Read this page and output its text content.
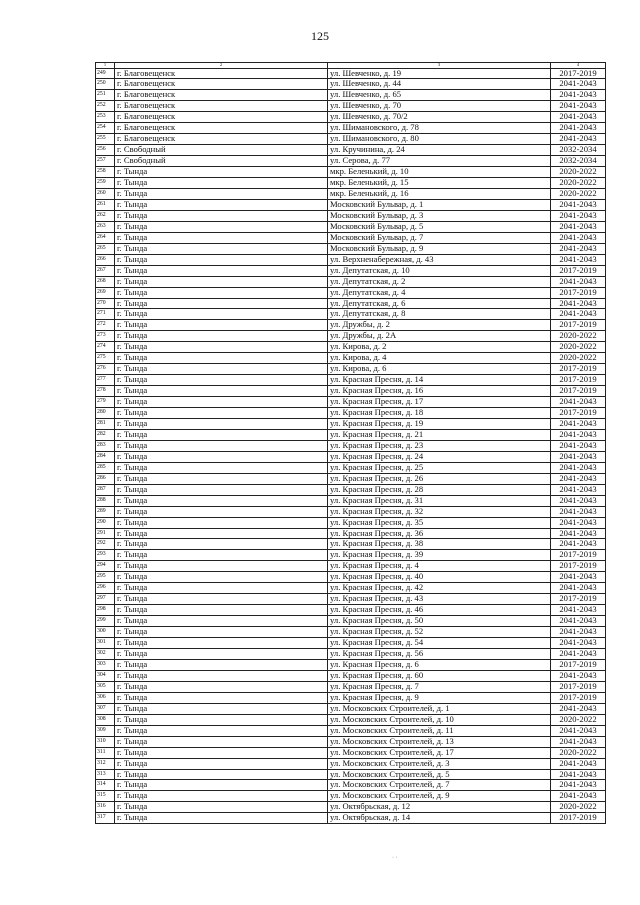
125
1	2	3	4
249	г. Благовещенск	ул. Шевченко, д. 19	2017-2019
250	г. Благовещенск	ул. Шевченко, д. 44	2041-2043
251	г. Благовещенск	ул. Шевченко, д. 65	2041-2043
252	г. Благовещенск	ул. Шевченко, д. 70	2041-2043
253	г. Благовещенск	ул. Шевченко, д. 70/2	2041-2043
254	г. Благовещенск	ул. Шимановского, д. 78	2041-2043
255	г. Благовещенск	ул. Шимановского, д. 80	2041-2043
256	г. Свободный	ул. Кручинина, д. 24	2032-2034
257	г. Свободный	ул. Серова, д. 77	2032-2034
258	г. Тында	мкр. Беленький, д. 10	2020-2022
259	г. Тында	мкр. Беленький, д. 15	2020-2022
260	г. Тында	мкр. Беленький, д. 16	2020-2022
261	г. Тында	Московский Бульвар, д. 1	2041-2043
262	г. Тында	Московский Бульвар, д. 3	2041-2043
263	г. Тында	Московский Бульвар, д. 5	2041-2043
264	г. Тында	Московский Бульвар, д. 7	2041-2043
265	г. Тында	Московский Бульвар, д. 9	2041-2043
266	г. Тында	ул. Верхненабережная, д. 43	2041-2043
267	г. Тында	ул. Депутатская, д. 10	2017-2019
268	г. Тында	ул. Депутатская, д. 2	2041-2043
269	г. Тында	ул. Депутатская, д. 4	2017-2019
270	г. Тында	ул. Депутатская, д. 6	2041-2043
271	г. Тында	ул. Депутатская, д. 8	2041-2043
272	г. Тында	ул. Дружбы, д. 2	2017-2019
273	г. Тында	ул. Дружбы, д. 2А	2020-2022
274	г. Тында	ул. Кирова, д. 2	2020-2022
275	г. Тында	ул. Кирова, д. 4	2020-2022
276	г. Тында	ул. Кирова, д. 6	2017-2019
277	г. Тында	ул. Красная Пресня, д. 14	2017-2019
278	г. Тында	ул. Красная Пресня, д. 16	2017-2019
279	г. Тында	ул. Красная Пресня, д. 17	2041-2043
280	г. Тында	ул. Красная Пресня, д. 18	2017-2019
281	г. Тында	ул. Красная Пресня, д. 19	2041-2043
282	г. Тында	ул. Красная Пресня, д. 21	2041-2043
283	г. Тында	ул. Красная Пресня, д. 23	2041-2043
284	г. Тында	ул. Красная Пресня, д. 24	2041-2043
285	г. Тында	ул. Красная Пресня, д. 25	2041-2043
286	г. Тында	ул. Красная Пресня, д. 26	2041-2043
287	г. Тында	ул. Красная Пресня, д. 28	2041-2043
288	г. Тында	ул. Красная Пресня, д. 31	2041-2043
289	г. Тында	ул. Красная Пресня, д. 32	2041-2043
290	г. Тында	ул. Красная Пресня, д. 35	2041-2043
291	г. Тында	ул. Красная Пресня, д. 36	2041-2043
292	г. Тында	ул. Красная Пресня, д. 38	2041-2043
293	г. Тында	ул. Красная Пресня, д. 39	2017-2019
294	г. Тында	ул. Красная Пресня, д. 4	2017-2019
295	г. Тында	ул. Красная Пресня, д. 40	2041-2043
296	г. Тында	ул. Красная Пресня, д. 42	2041-2043
297	г. Тында	ул. Красная Пресня, д. 43	2017-2019
298	г. Тында	ул. Красная Пресня, д. 46	2041-2043
299	г. Тында	ул. Красная Пресня, д. 50	2041-2043
300	г. Тында	ул. Красная Пресня, д. 52	2041-2043
301	г. Тында	ул. Красная Пресня, д. 54	2041-2043
302	г. Тында	ул. Красная Пресня, д. 56	2041-2043
303	г. Тында	ул. Красная Пресня, д. 6	2017-2019
304	г. Тында	ул. Красная Пресня, д. 60	2041-2043
305	г. Тында	ул. Красная Пресня, д. 7	2017-2019
306	г. Тында	ул. Красная Пресня, д. 9	2017-2019
307	г. Тында	ул. Московских Строителей, д. 1	2041-2043
308	г. Тында	ул. Московских Строителей, д. 10	2020-2022
309	г. Тында	ул. Московских Строителей, д. 11	2041-2043
310	г. Тында	ул. Московских Строителей, д. 13	2041-2043
311	г. Тында	ул. Московских Строителей, д. 17	2020-2022
312	г. Тында	ул. Московских Строителей, д. 3	2041-2043
313	г. Тында	ул. Московских Строителей, д. 5	2041-2043
314	г. Тында	ул. Московских Строителей, д. 7	2041-2043
315	г. Тында	ул. Московских Строителей, д. 9	2041-2043
316	г. Тында	ул. Октябрьская, д. 12	2020-2022
317	г. Тында	ул. Октябрьская, д. 14	2017-2019
· ·
